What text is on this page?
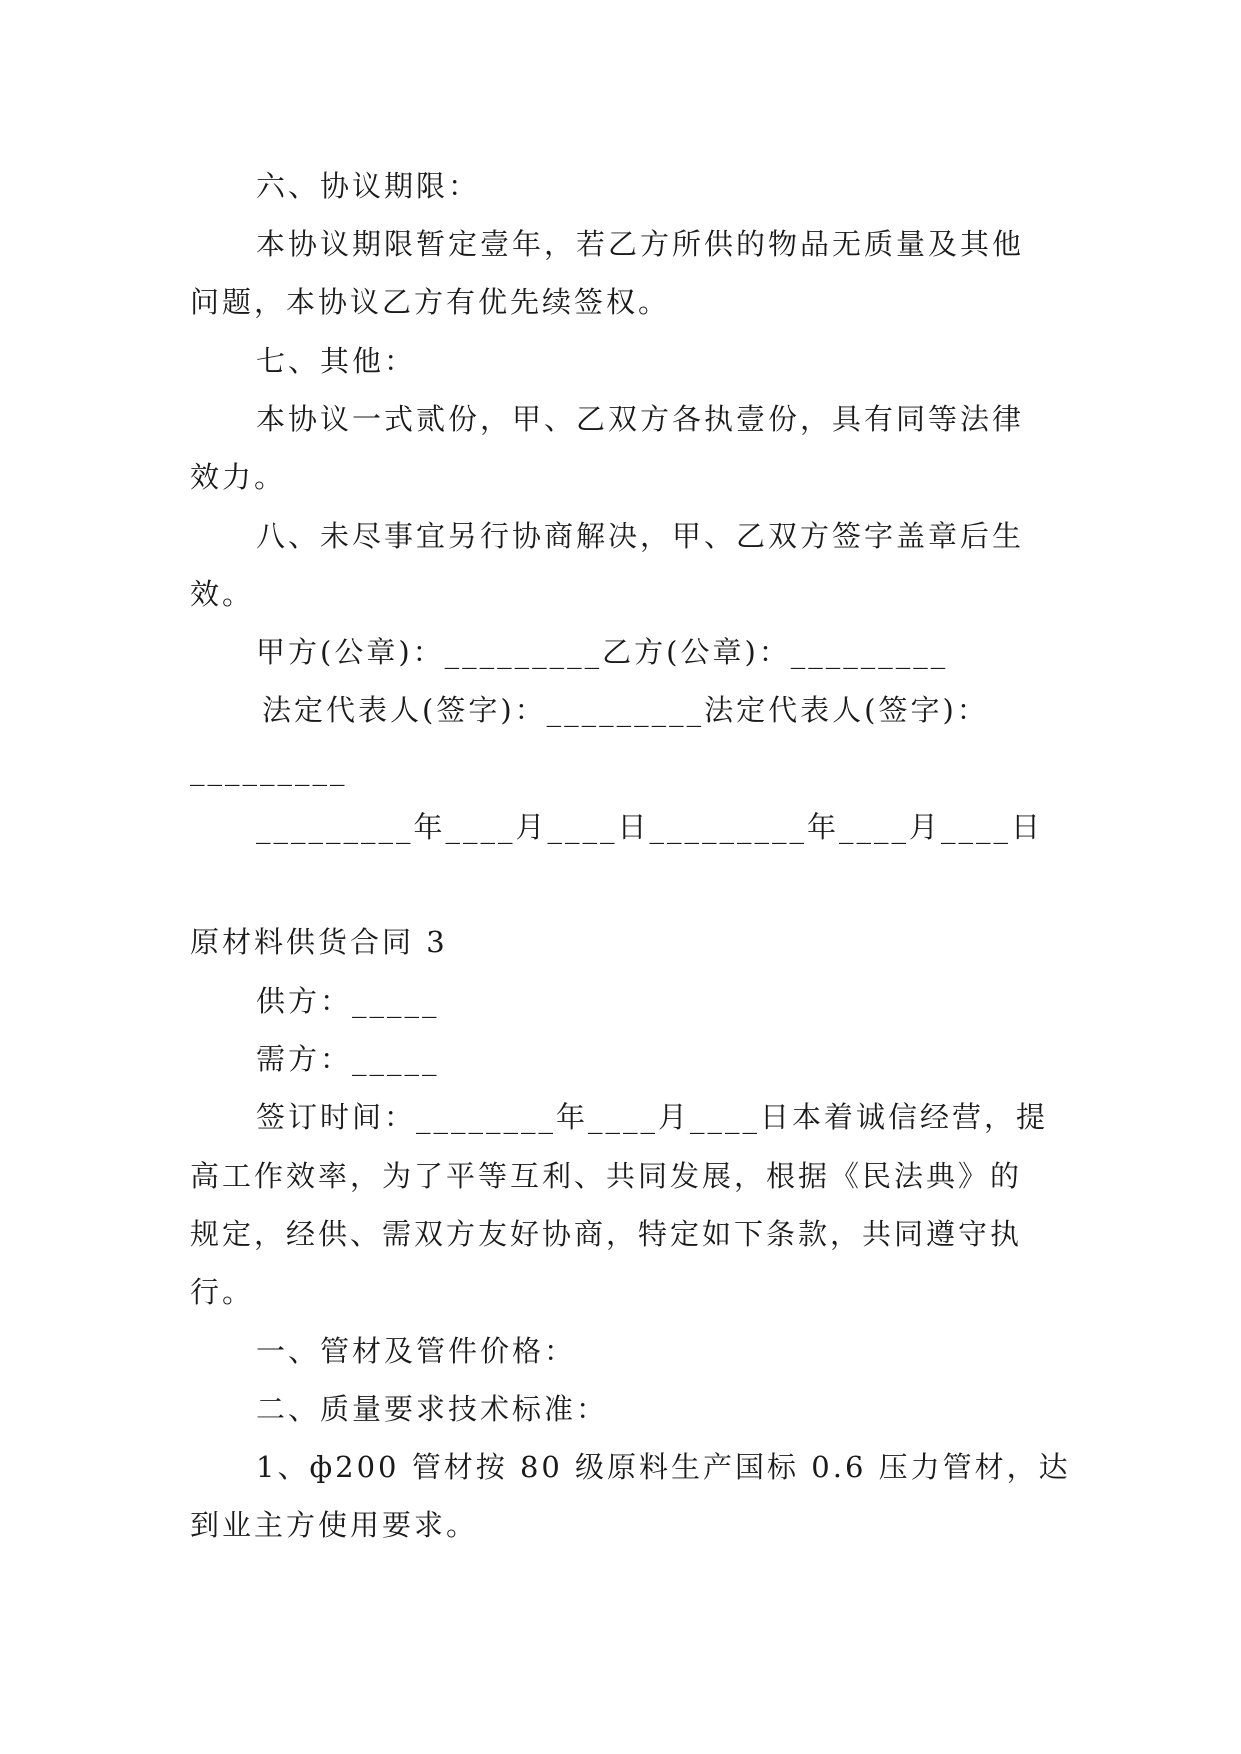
六、协议期限：
本协议期限暂定壹年，若乙方所供的物品无质量及其他
问题，本协议乙方有优先续签权。
七、其他：
本协议一式贰份，甲、乙双方各执壹份，具有同等法律
效力。
八、未尽事宜另行协商解决，甲、乙双方签字盖章后生
效。
甲方(公章)：_________乙方(公章)：_________
法定代表人(签字)：_________法定代表人(签字)：
_________
_________年____月____日_________年____月____日
原材料供货合同 3
供方：_____
需方：_____
签订时间：________年____月____日本着诚信经营，提
高工作效率，为了平等互利、共同发展，根据《民法典》的
规定，经供、需双方友好协商，特定如下条款，共同遵守执
行。
一、管材及管件价格：
二、质量要求技术标准：
1、ф200 管材按 80 级原料生产国标 0.6 压力管材，达
到业主方使用要求。
